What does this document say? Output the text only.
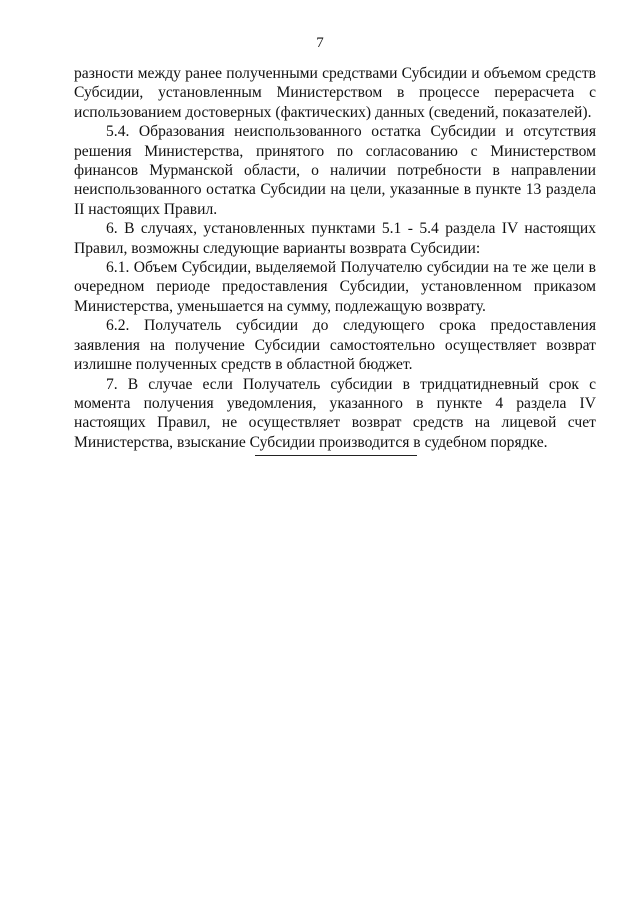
7

разности между ранее полученными средствами Субсидии и объемом средств Субсидии, установленным Министерством в процессе перерасчета с использованием достоверных (фактических) данных (сведений, показателей).

5.4. Образования неиспользованного остатка Субсидии и отсутствия решения Министерства, принятого по согласованию с Министерством финансов Мурманской области, о наличии потребности в направлении неиспользованного остатка Субсидии на цели, указанные в пункте 13 раздела II настоящих Правил.

6. В случаях, установленных пунктами 5.1 - 5.4 раздела IV настоящих Правил, возможны следующие варианты возврата Субсидии:

6.1. Объем Субсидии, выделяемой Получателю субсидии на те же цели в очередном периоде предоставления Субсидии, установленном приказом Министерства, уменьшается на сумму, подлежащую возврату.

6.2. Получатель субсидии до следующего срока предоставления заявления на получение Субсидии самостоятельно осуществляет возврат излишне полученных средств в областной бюджет.

7. В случае если Получатель субсидии в тридцатидневный срок с момента получения уведомления, указанного в пункте 4 раздела IV настоящих Правил, не осуществляет возврат средств на лицевой счет Министерства, взыскание Субсидии производится в судебном порядке.
